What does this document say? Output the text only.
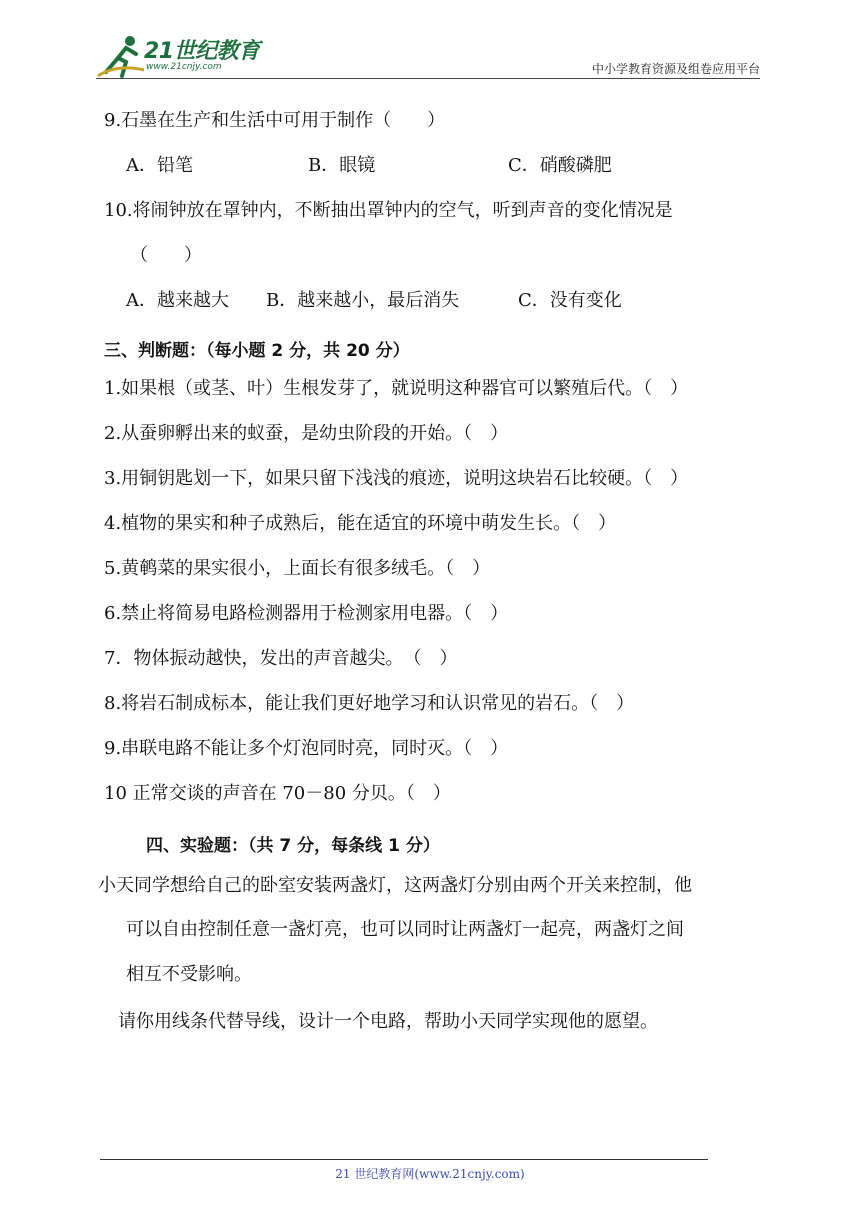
21世纪教育
www.21cnjy.com	中小学教育资源及组卷应用平台
9.石墨在生产和生活中可用于制作（　　）
A．铅笔	B．眼镜	C．硝酸磷肥
10.将闹钟放在罩钟内，不断抽出罩钟内的空气，听到声音的变化情况是
（　　）
A．越来越大 B．越来越小，最后消失	C．没有变化
三、判断题：（每小题 2 分，共 20 分）
1.如果根（或茎、叶）生根发芽了，就说明这种器官可以繁殖后代。（　）
2.从蚕卵孵出来的蚁蚕，是幼虫阶段的开始。（　）
3.用铜钥匙划一下，如果只留下浅浅的痕迹，说明这块岩石比较硬。（　）
4.植物的果实和种子成熟后，能在适宜的环境中萌发生长。（　）
5.黄鹌菜的果实很小，上面长有很多绒毛。（　）
6.禁止将简易电路检测器用于检测家用电器。（　）
7．物体振动越快，发出的声音越尖。　（　）
8.将岩石制成标本，能让我们更好地学习和认识常见的岩石。（　）
9.串联电路不能让多个灯泡同时亮，同时灭。（　）
10 正常交谈的声音在 70－80 分贝。（　）
四、实验题：（共 7 分，每条线 1 分）
小天同学想给自己的卧室安装两盏灯，这两盏灯分别由两个开关来控制，他
可以自由控制任意一盏灯亮，也可以同时让两盏灯一起亮，两盏灯之间
相互不受影响。
请你用线条代替导线，设计一个电路，帮助小天同学实现他的愿望。
21 世纪教育网(www.21cnjy.com)
